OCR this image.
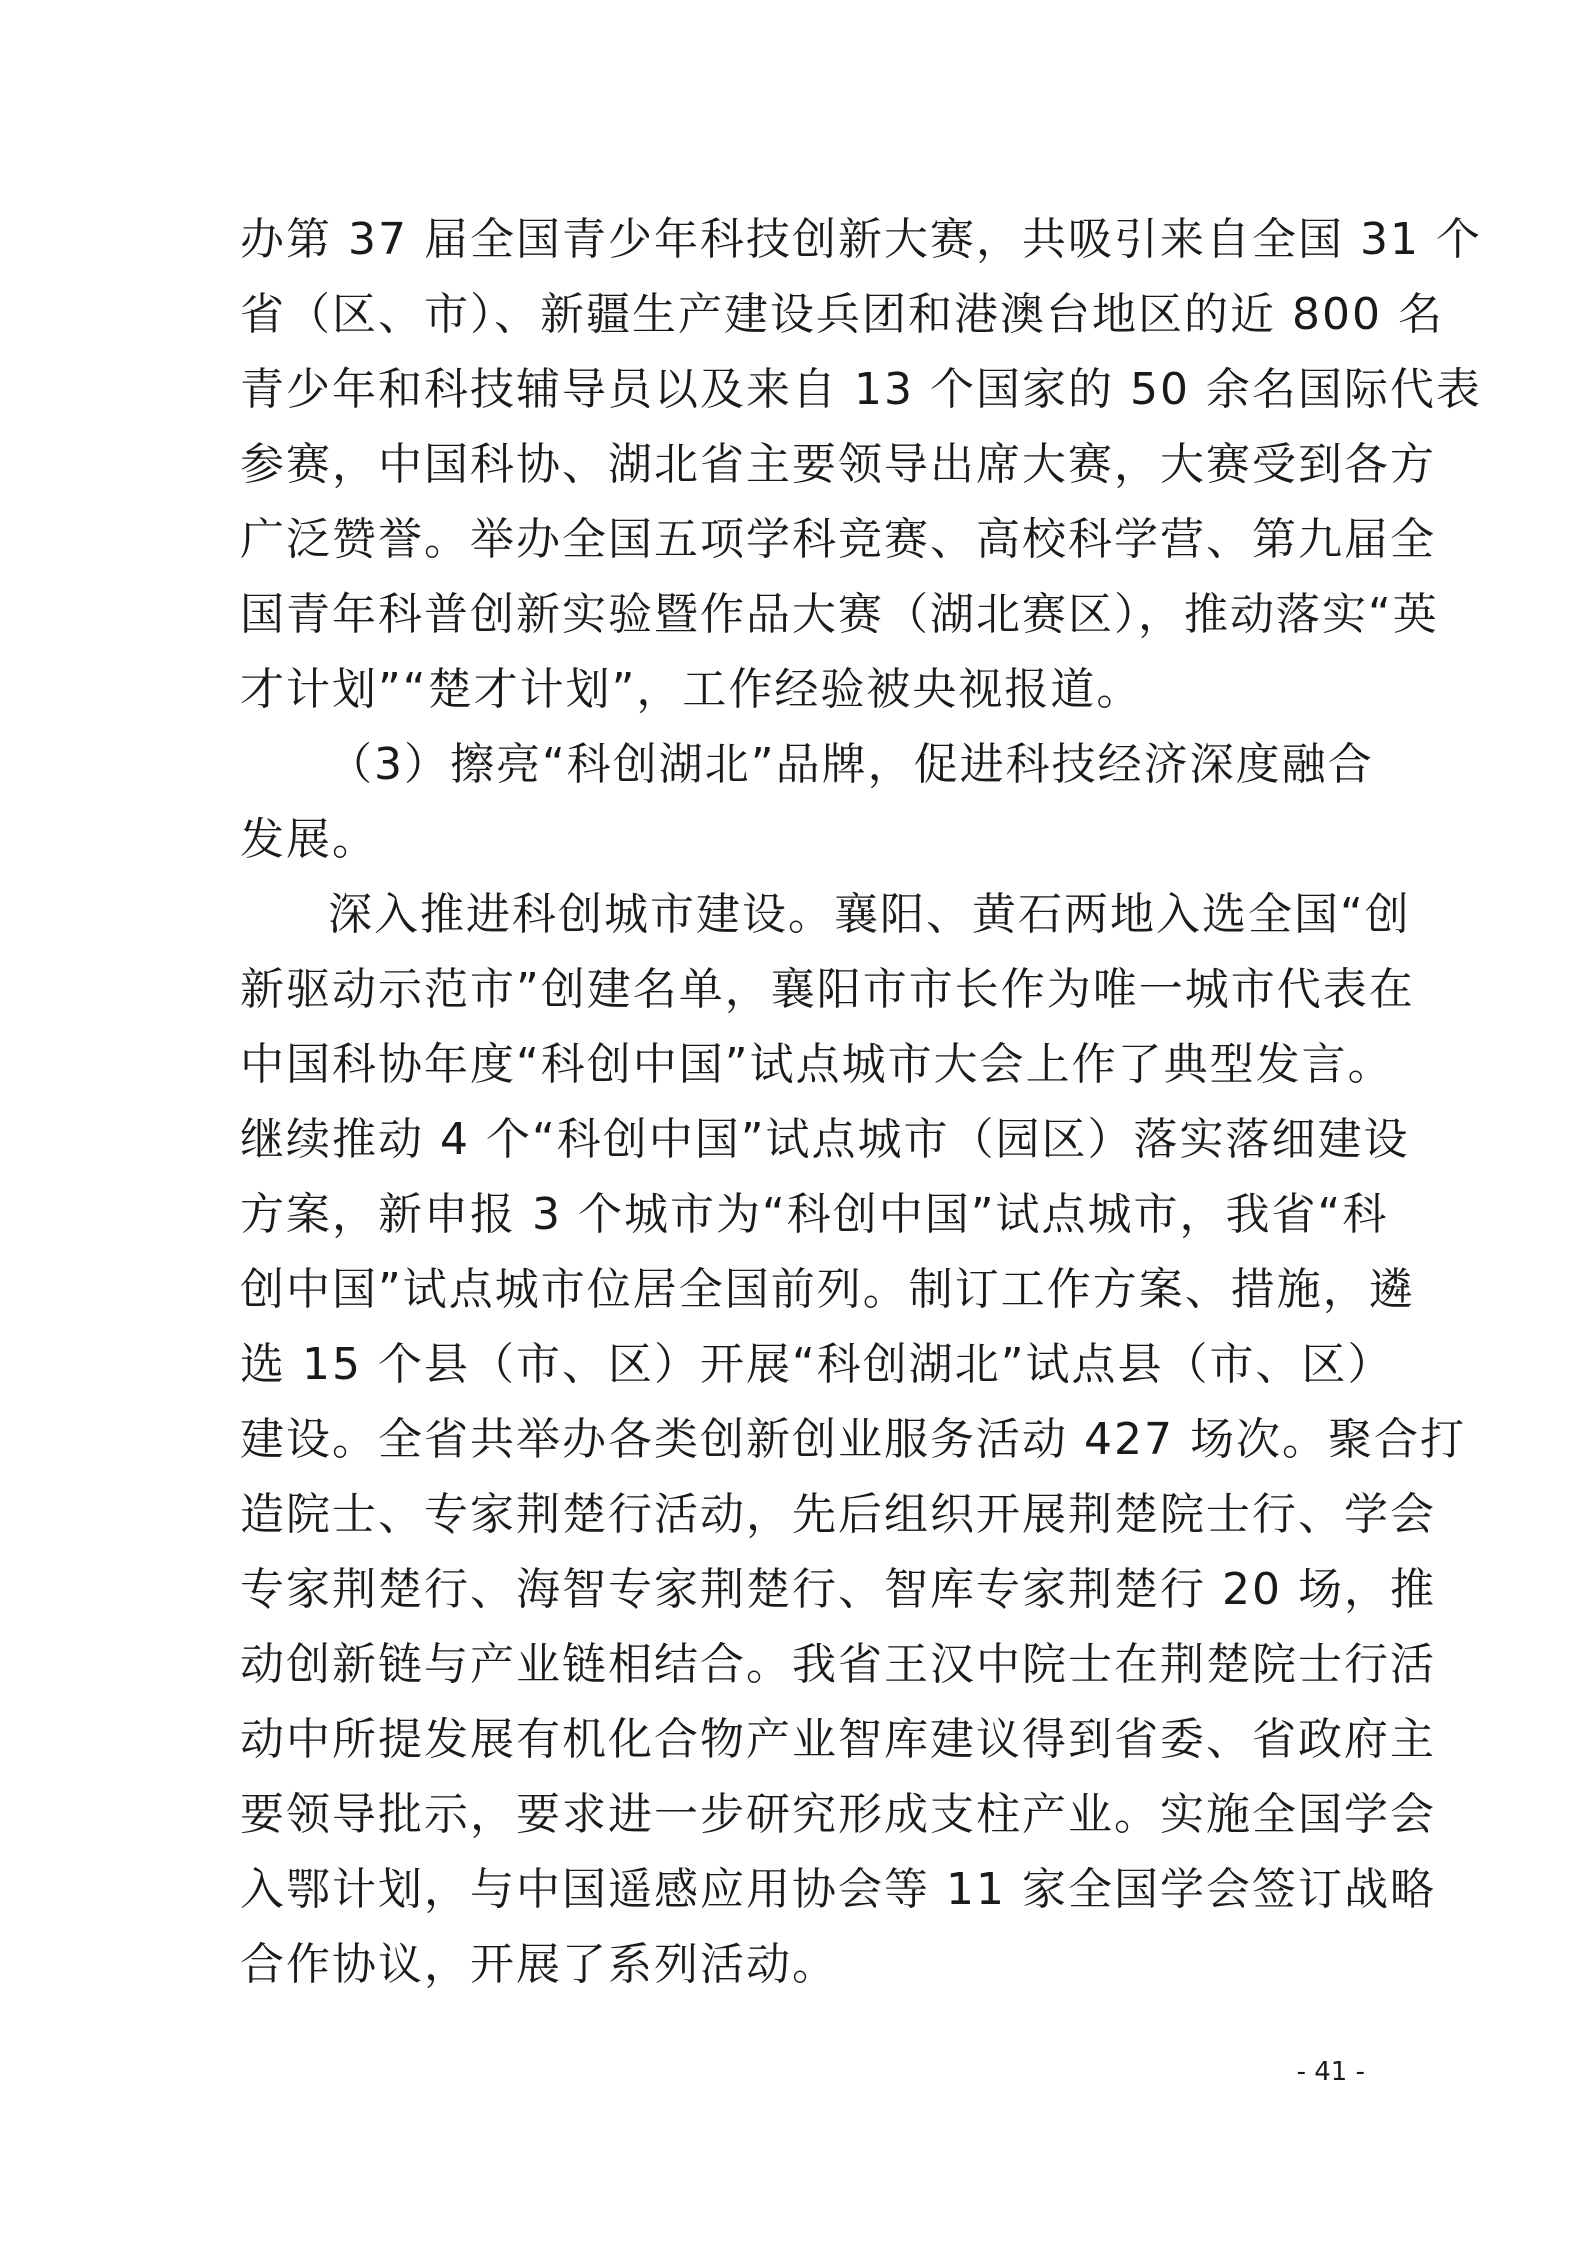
办第 37 届全国青少年科技创新大赛，共吸引来自全国 31 个
省（区、市）、新疆生产建设兵团和港澳台地区的近 800 名
青少年和科技辅导员以及来自 13 个国家的 50 余名国际代表
参赛，中国科协、湖北省主要领导出席大赛，大赛受到各方
广泛赞誉。举办全国五项学科竞赛、高校科学营、第九届全
国青年科普创新实验暨作品大赛（湖北赛区），推动落实“英
才计划”“楚才计划”，工作经验被央视报道。
（3）擦亮“科创湖北”品牌，促进科技经济深度融合
发展。
深入推进科创城市建设。襄阳、黄石两地入选全国“创
新驱动示范市”创建名单，襄阳市市长作为唯一城市代表在
中国科协年度“科创中国”试点城市大会上作了典型发言。
继续推动 4 个“科创中国”试点城市（园区）落实落细建设
方案，新申报 3 个城市为“科创中国”试点城市，我省“科
创中国”试点城市位居全国前列。制订工作方案、措施，遴
选 15 个县（市、区）开展“科创湖北”试点县（市、区）
建设。全省共举办各类创新创业服务活动 427 场次。聚合打
造院士、专家荆楚行活动，先后组织开展荆楚院士行、学会
专家荆楚行、海智专家荆楚行、智库专家荆楚行 20 场，推
动创新链与产业链相结合。我省王汉中院士在荆楚院士行活
动中所提发展有机化合物产业智库建议得到省委、省政府主
要领导批示，要求进一步研究形成支柱产业。实施全国学会
入鄂计划，与中国遥感应用协会等 11 家全国学会签订战略
合作协议，开展了系列活动。
- 41 -
